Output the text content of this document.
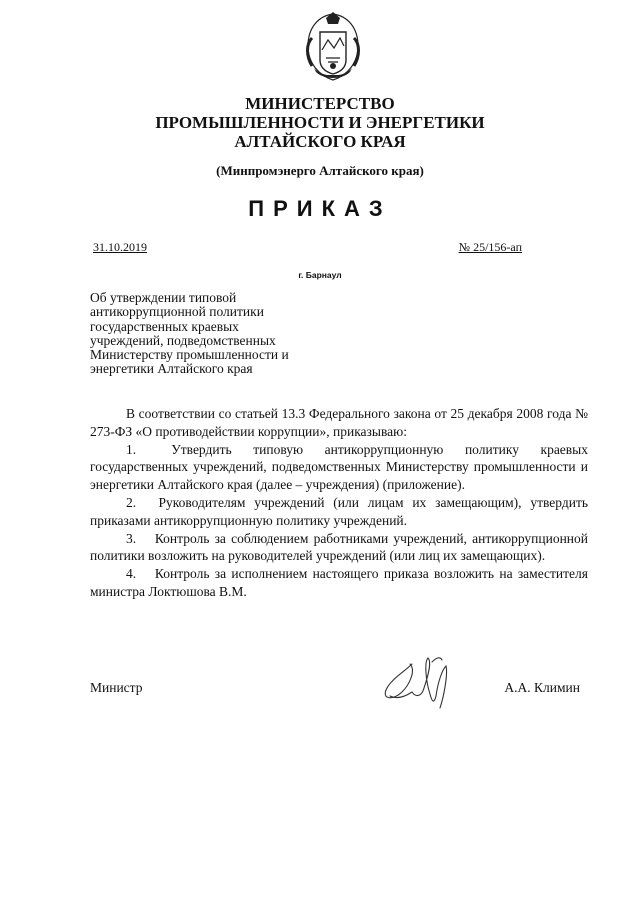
МИНИСТЕРСТВО
ПРОМЫШЛЕННОСТИ И ЭНЕРГЕТИКИ
АЛТАЙСКОГО КРАЯ
(Минпромэнерго Алтайского края)
ПРИКАЗ
31.10.2019	№ 25/156-ап
г. Барнаул
Об утверждении типовой
антикоррупционной политики
государственных краевых
учреждений, подведомственных
Министерству промышленности и
энергетики Алтайского края

В соответствии со статьей 13.3 Федерального закона от 25 декабря 2008 года № 273-ФЗ «О противодействии коррупции», приказываю:

1.  Утвердить типовую антикоррупционную политику краевых государственных учреждений, подведомственных Министерству промышленности и энергетики Алтайского края (далее – учреждения) (приложение).

2.  Руководителям учреждений (или лицам их замещающим), утвердить приказами антикоррупционную политику учреждений.

3.  Контроль за соблюдением работниками учреждений, антикоррупционной политики возложить на руководителей учреждений (или лиц их замещающих).

4.  Контроль за исполнением настоящего приказа возложить на заместителя министра Локтюшова В.М.

Министр	А.А. Климин
